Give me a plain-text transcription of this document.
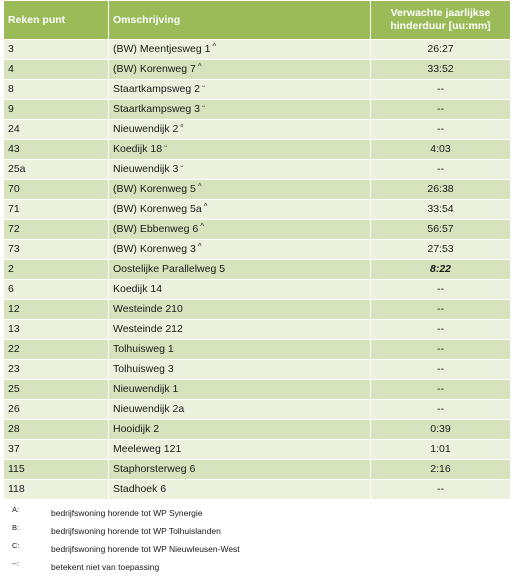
Reken punt	Omschrijving	Verwachte jaarlijkse hinderduur [uu:mm]
3	(BW) Meentjesweg 1 ^	26:27
4	(BW) Korenweg 7 ^	33:52
8	Staartkampsweg 2 $^ᵕ$	--
9	Staartkampsweg 3 $^ᵕ$	--
24	Nieuwendijk 2 $^ᵒ$	--
43	Koedijk 18 $^ᵕ$	4:03
25a	Nieuwendijk 3 $^ᵕ$	--
70	(BW) Korenweg 5 ^	26:38
71	(BW) Korenweg 5a ^	33:54
72	(BW) Ebbenweg 6 ^	56:57
73	(BW) Korenweg 3 ^	27:53
2	Oostelijke Parallelweg 5	8:22
6	Koedijk 14	--
12	Westeinde 210	--
13	Westeinde 212	--
22	Tolhuisweg 1	--
23	Tolhuisweg 3	--
25	Nieuwendijk 1	--
26	Nieuwendijk 2a	--
28	Hooidijk 2	0:39
37	Meeleweg 121	1:01
115	Staphorsterweg 6	2:16
118	Stadhoek 6	--
A:	bedrijfswoning horende tot WP Synergie
B:	bedrijfswoning horende tot WP Tolhuislanden
C:	bedrijfswoning horende tot WP Nieuwleusen-West
--:	betekent niet van toepassing
